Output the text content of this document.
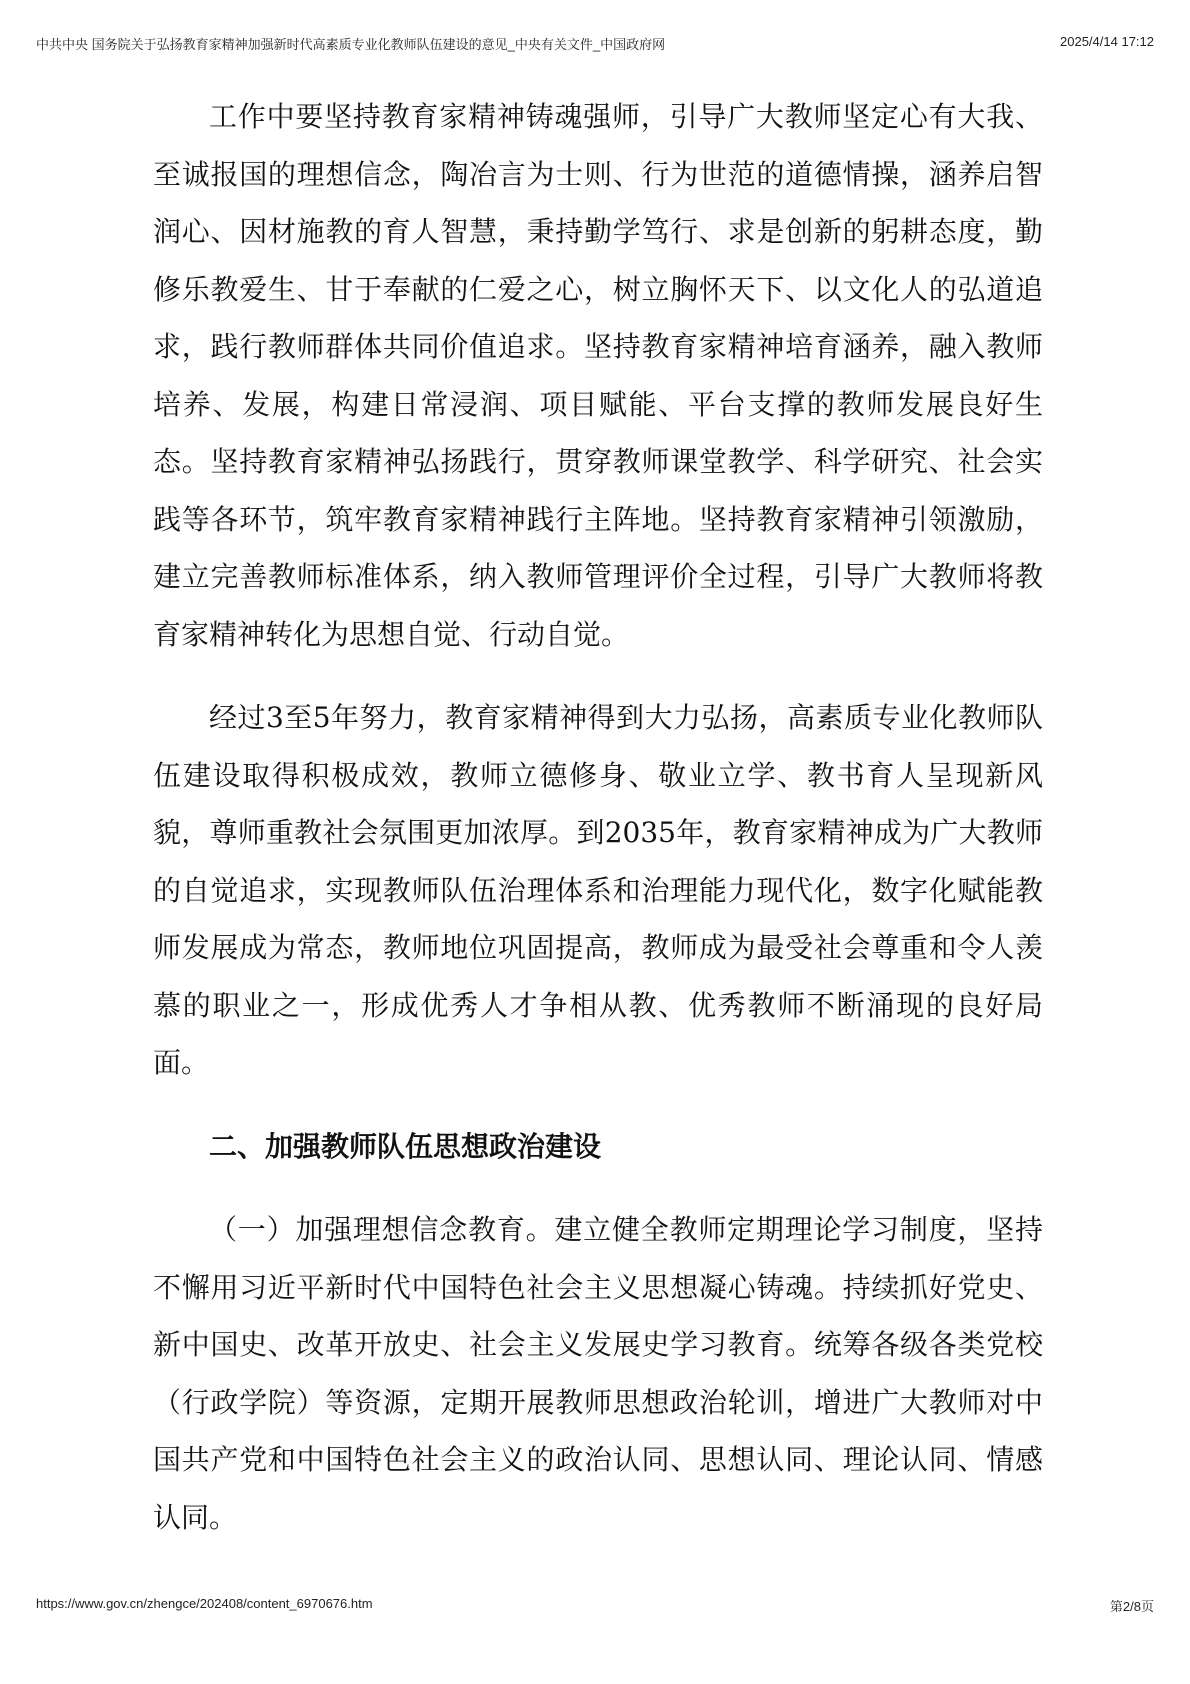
中共中央 国务院关于弘扬教育家精神加强新时代高素质专业化教师队伍建设的意见_中央有关文件_中国政府网	2025/4/14 17:12

工作中要坚持教育家精神铸魂强师，引导广大教师坚定心有大我、至诚报国的理想信念，陶冶言为士则、行为世范的道德情操，涵养启智润心、因材施教的育人智慧，秉持勤学笃行、求是创新的躬耕态度，勤修乐教爱生、甘于奉献的仁爱之心，树立胸怀天下、以文化人的弘道追求，践行教师群体共同价值追求。坚持教育家精神培育涵养，融入教师培养、发展，构建日常浸润、项目赋能、平台支撑的教师发展良好生态。坚持教育家精神弘扬践行，贯穿教师课堂教学、科学研究、社会实践等各环节，筑牢教育家精神践行主阵地。坚持教育家精神引领激励，建立完善教师标准体系，纳入教师管理评价全过程，引导广大教师将教育家精神转化为思想自觉、行动自觉。

经过3至5年努力，教育家精神得到大力弘扬，高素质专业化教师队伍建设取得积极成效，教师立德修身、敬业立学、教书育人呈现新风貌，尊师重教社会氛围更加浓厚。到2035年，教育家精神成为广大教师的自觉追求，实现教师队伍治理体系和治理能力现代化，数字化赋能教师发展成为常态，教师地位巩固提高，教师成为最受社会尊重和令人羡慕的职业之一，形成优秀人才争相从教、优秀教师不断涌现的良好局面。

二、加强教师队伍思想政治建设

（一）加强理想信念教育。建立健全教师定期理论学习制度，坚持不懈用习近平新时代中国特色社会主义思想凝心铸魂。持续抓好党史、新中国史、改革开放史、社会主义发展史学习教育。统筹各级各类党校（行政学院）等资源，定期开展教师思想政治轮训，增进广大教师对中国共产党和中国特色社会主义的政治认同、思想认同、理论认同、情感认同。

https://www.gov.cn/zhengce/202408/content_6970676.htm	第2/8页
